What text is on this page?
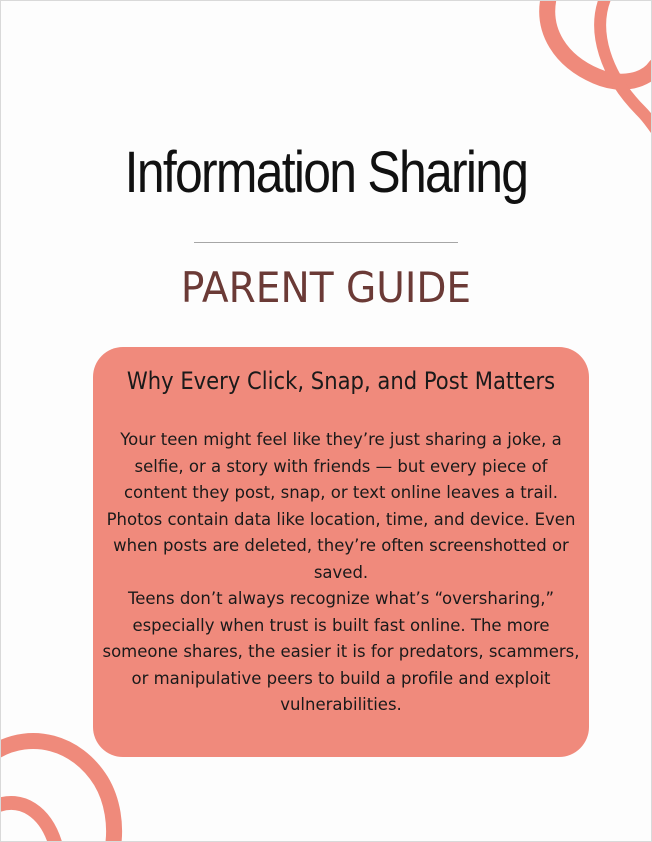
Information Sharing
PARENT GUIDE
Why Every Click, Snap, and Post Matters

Your teen might feel like they’re just sharing a joke, a selfie, or a story with friends — but every piece of content they post, snap, or text online leaves a trail. Photos contain data like location, time, and device. Even when posts are deleted, they’re often screenshotted or saved.

Teens don’t always recognize what’s “oversharing,” especially when trust is built fast online. The more someone shares, the easier it is for predators, scammers, or manipulative peers to build a profile and exploit vulnerabilities.
